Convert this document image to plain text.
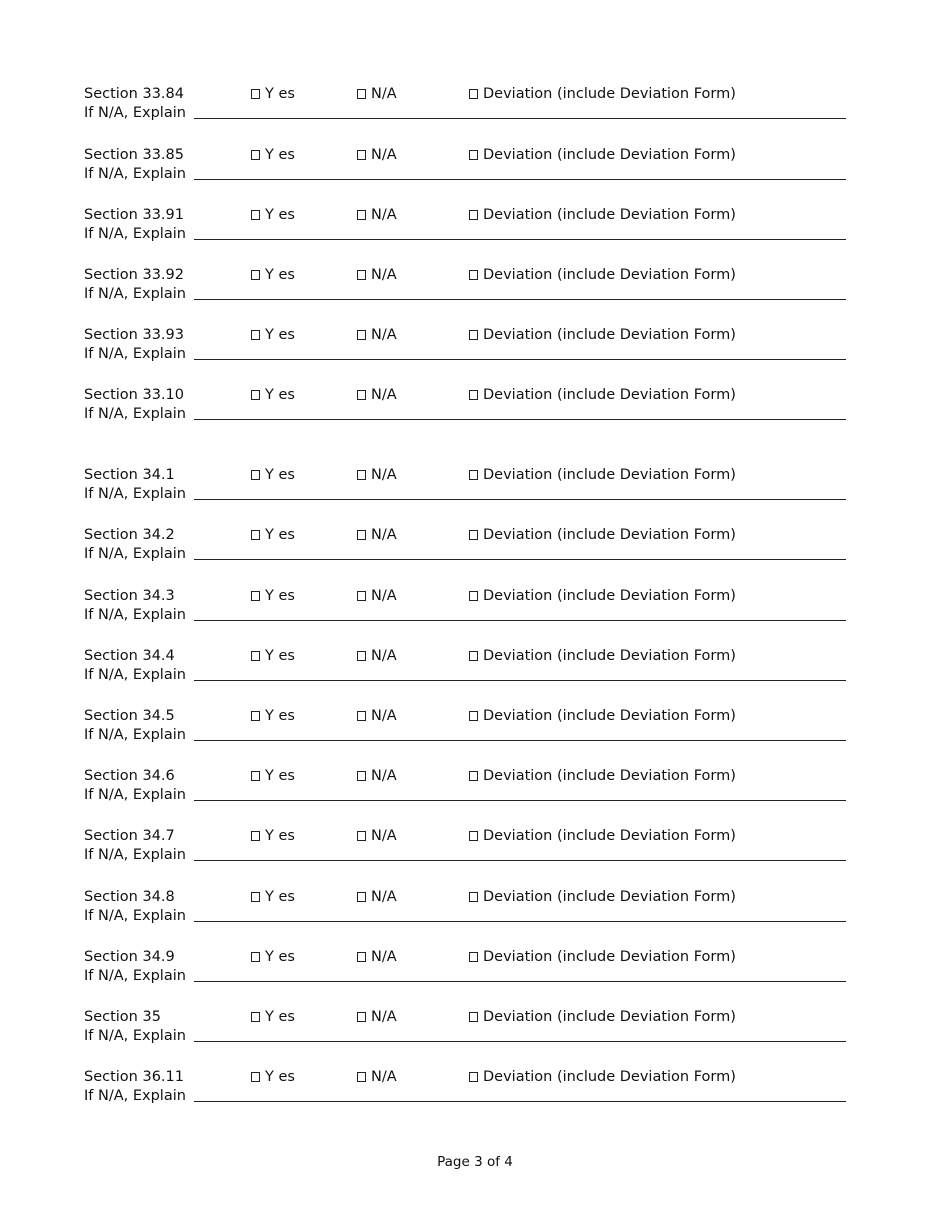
Section 33.84	Y es	N/A	Deviation (include Deviation Form)
If N/A, Explain
Section 33.85	Y es	N/A	Deviation (include Deviation Form)
If N/A, Explain
Section 33.91	Y es	N/A	Deviation (include Deviation Form)
If N/A, Explain
Section 33.92	Y es	N/A	Deviation (include Deviation Form)
If N/A, Explain
Section 33.93	Y es	N/A	Deviation (include Deviation Form)
If N/A, Explain
Section 33.10	Y es	N/A	Deviation (include Deviation Form)
If N/A, Explain
Section 34.1	Y es	N/A	Deviation (include Deviation Form)
If N/A, Explain
Section 34.2	Y es	N/A	Deviation (include Deviation Form)
If N/A, Explain
Section 34.3	Y es	N/A	Deviation (include Deviation Form)
If N/A, Explain
Section 34.4	Y es	N/A	Deviation (include Deviation Form)
If N/A, Explain
Section 34.5	Y es	N/A	Deviation (include Deviation Form)
If N/A, Explain
Section 34.6	Y es	N/A	Deviation (include Deviation Form)
If N/A, Explain
Section 34.7	Y es	N/A	Deviation (include Deviation Form)
If N/A, Explain
Section 34.8	Y es	N/A	Deviation (include Deviation Form)
If N/A, Explain
Section 34.9	Y es	N/A	Deviation (include Deviation Form)
If N/A, Explain
Section 35	Y es	N/A	Deviation (include Deviation Form)
If N/A, Explain
Section 36.11	Y es	N/A	Deviation (include Deviation Form)
If N/A, Explain
Page 3 of 4
